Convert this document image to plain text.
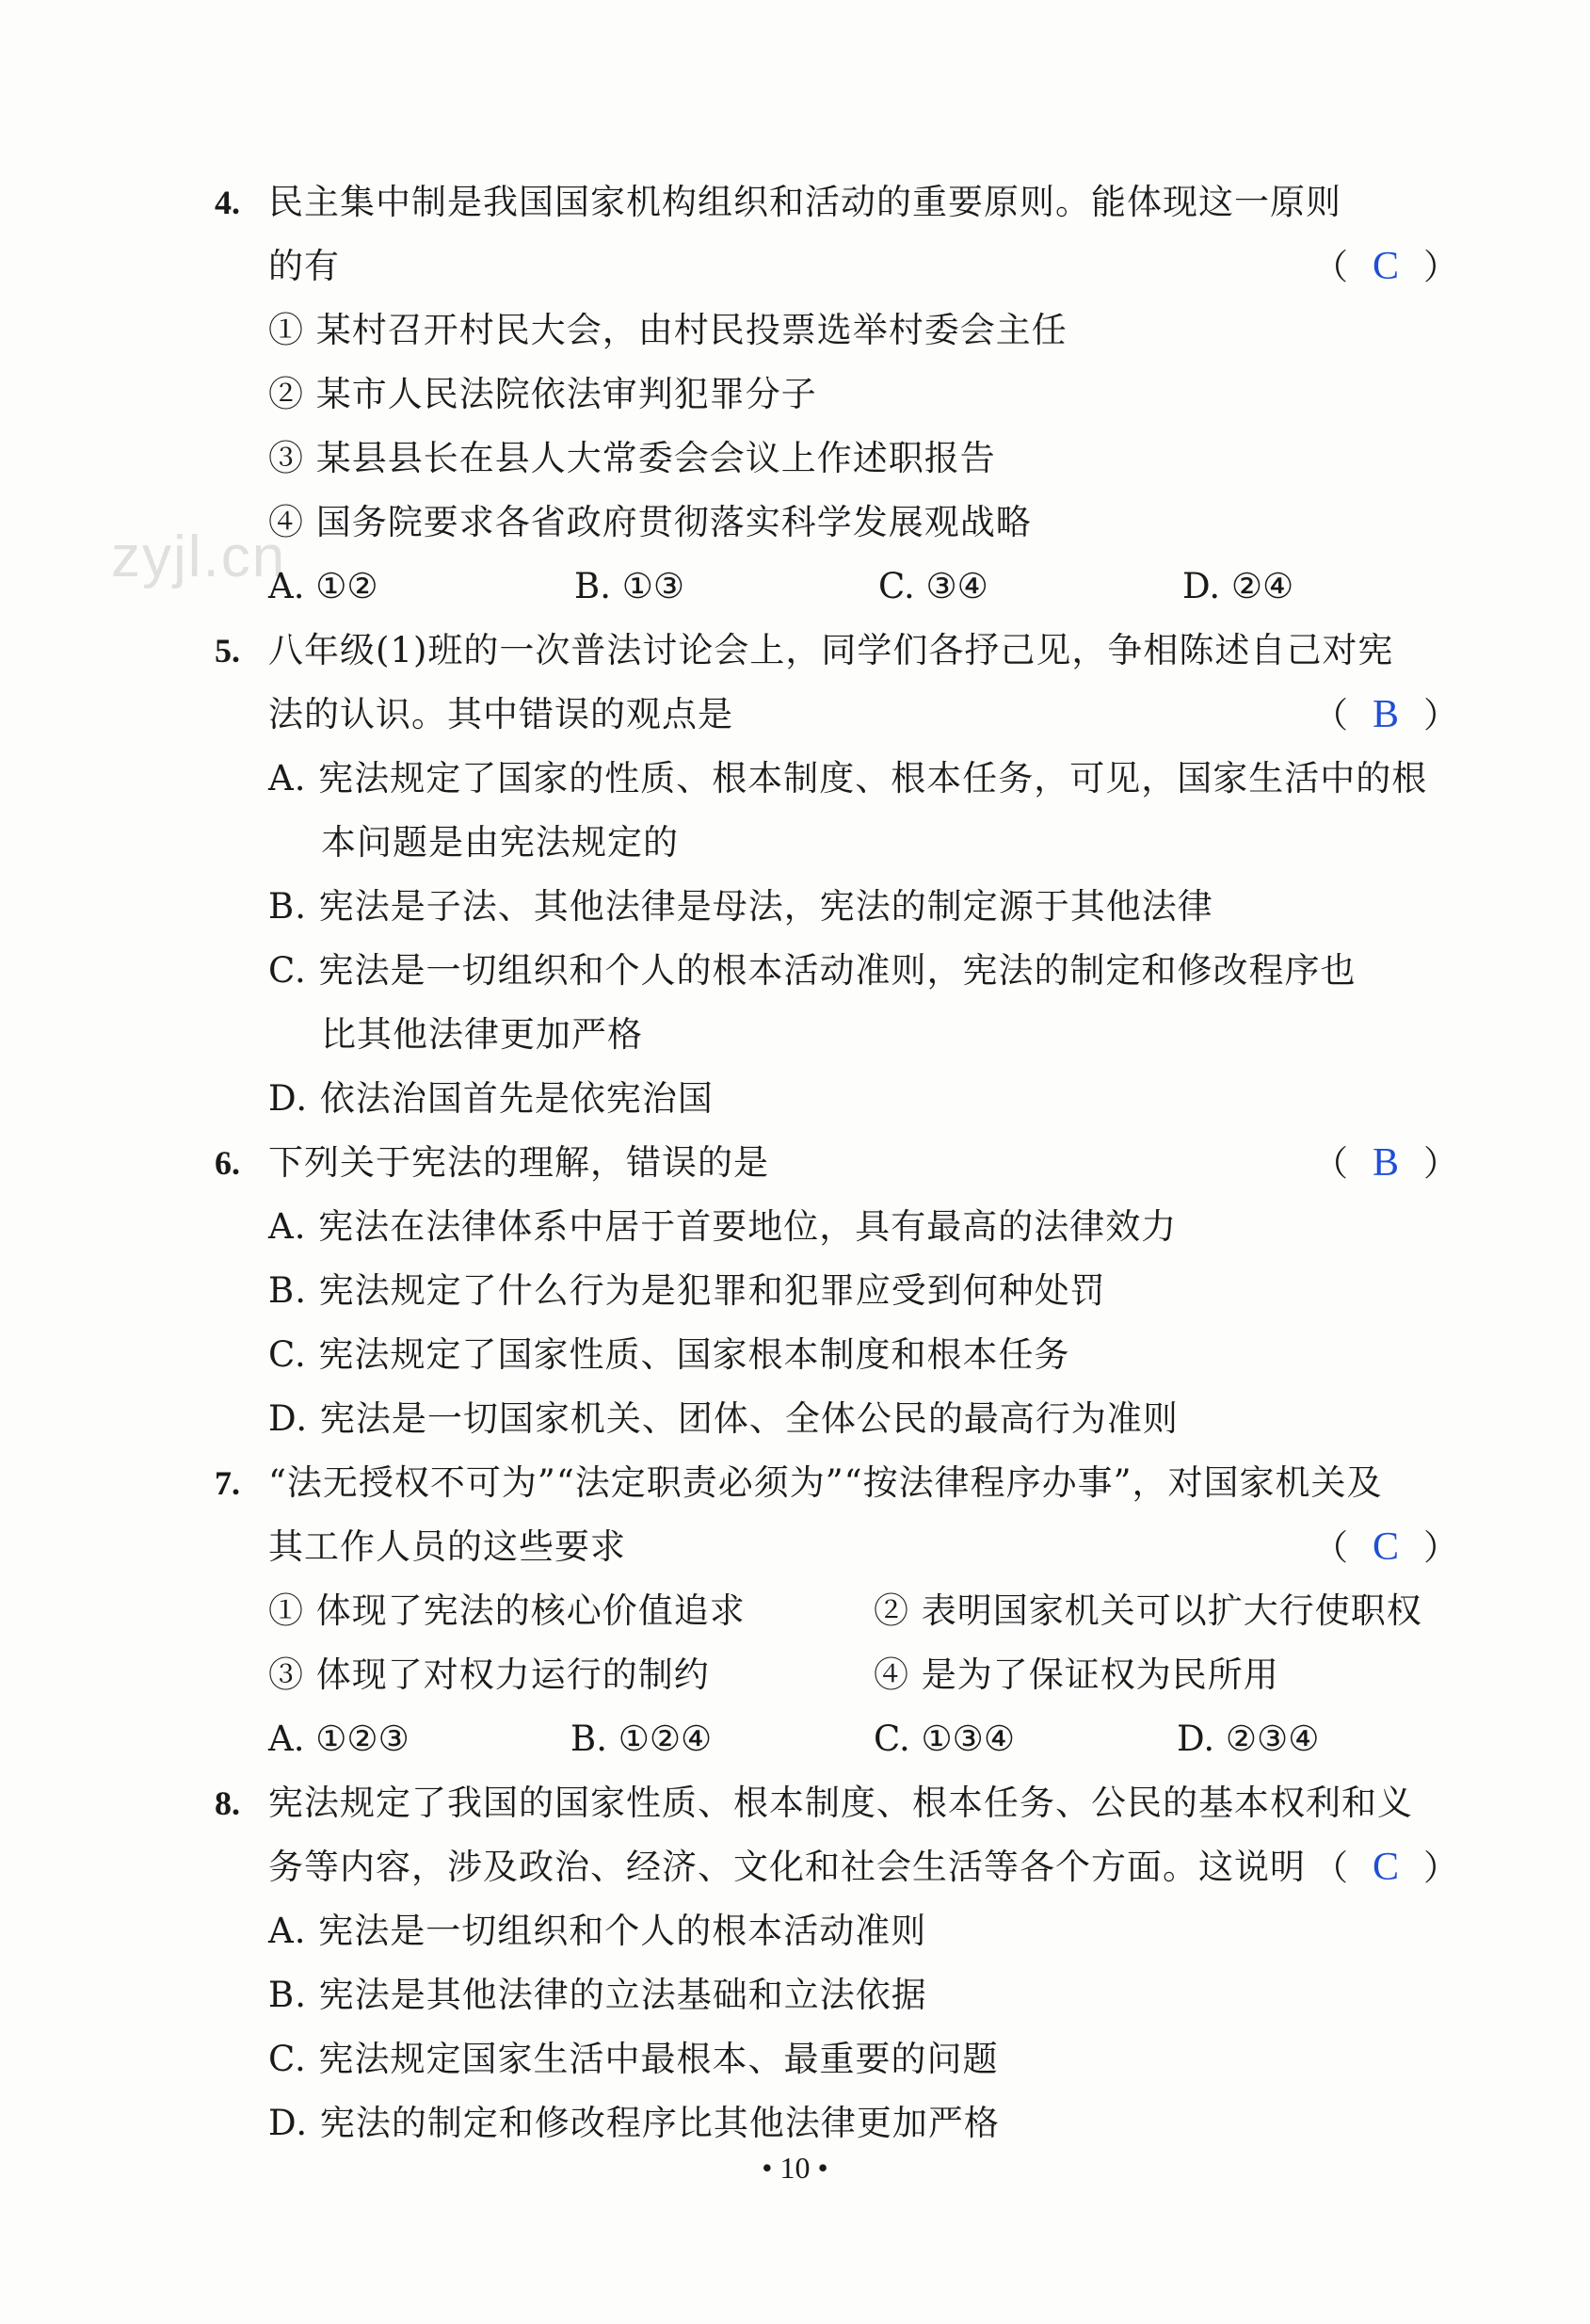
zyjl.cn
4. 民主集中制是我国国家机构组织和活动的重要原则。能体现这一原则
的有	（ C ）
① 某村召开村民大会，由村民投票选举村委会主任
② 某市人民法院依法审判犯罪分子
③ 某县县长在县人大常委会会议上作述职报告
④ 国务院要求各省政府贯彻落实科学发展观战略
A. ①②	B. ①③	C. ③④	D. ②④
5. 八年级(1)班的一次普法讨论会上，同学们各抒己见，争相陈述自己对宪
法的认识。其中错误的观点是	（ B ）
A. 宪法规定了国家的性质、根本制度、根本任务，可见，国家生活中的根
本问题是由宪法规定的
B. 宪法是子法、其他法律是母法，宪法的制定源于其他法律
C. 宪法是一切组织和个人的根本活动准则，宪法的制定和修改程序也
比其他法律更加严格
D. 依法治国首先是依宪治国
6. 下列关于宪法的理解，错误的是	（ B ）
A. 宪法在法律体系中居于首要地位，具有最高的法律效力
B. 宪法规定了什么行为是犯罪和犯罪应受到何种处罚
C. 宪法规定了国家性质、国家根本制度和根本任务
D. 宪法是一切国家机关、团体、全体公民的最高行为准则
7. “法无授权不可为”“法定职责必须为”“按法律程序办事”，对国家机关及
其工作人员的这些要求	（ C ）
① 体现了宪法的核心价值追求	② 表明国家机关可以扩大行使职权
③ 体现了对权力运行的制约	④ 是为了保证权为民所用
A. ①②③	B. ①②④	C. ①③④	D. ②③④
8. 宪法规定了我国的国家性质、根本制度、根本任务、公民的基本权利和义
务等内容，涉及政治、经济、文化和社会生活等各个方面。这说明 （ C ）
A. 宪法是一切组织和个人的根本活动准则
B. 宪法是其他法律的立法基础和立法依据
C. 宪法规定国家生活中最根本、最重要的问题
D. 宪法的制定和修改程序比其他法律更加严格
• 10 •
